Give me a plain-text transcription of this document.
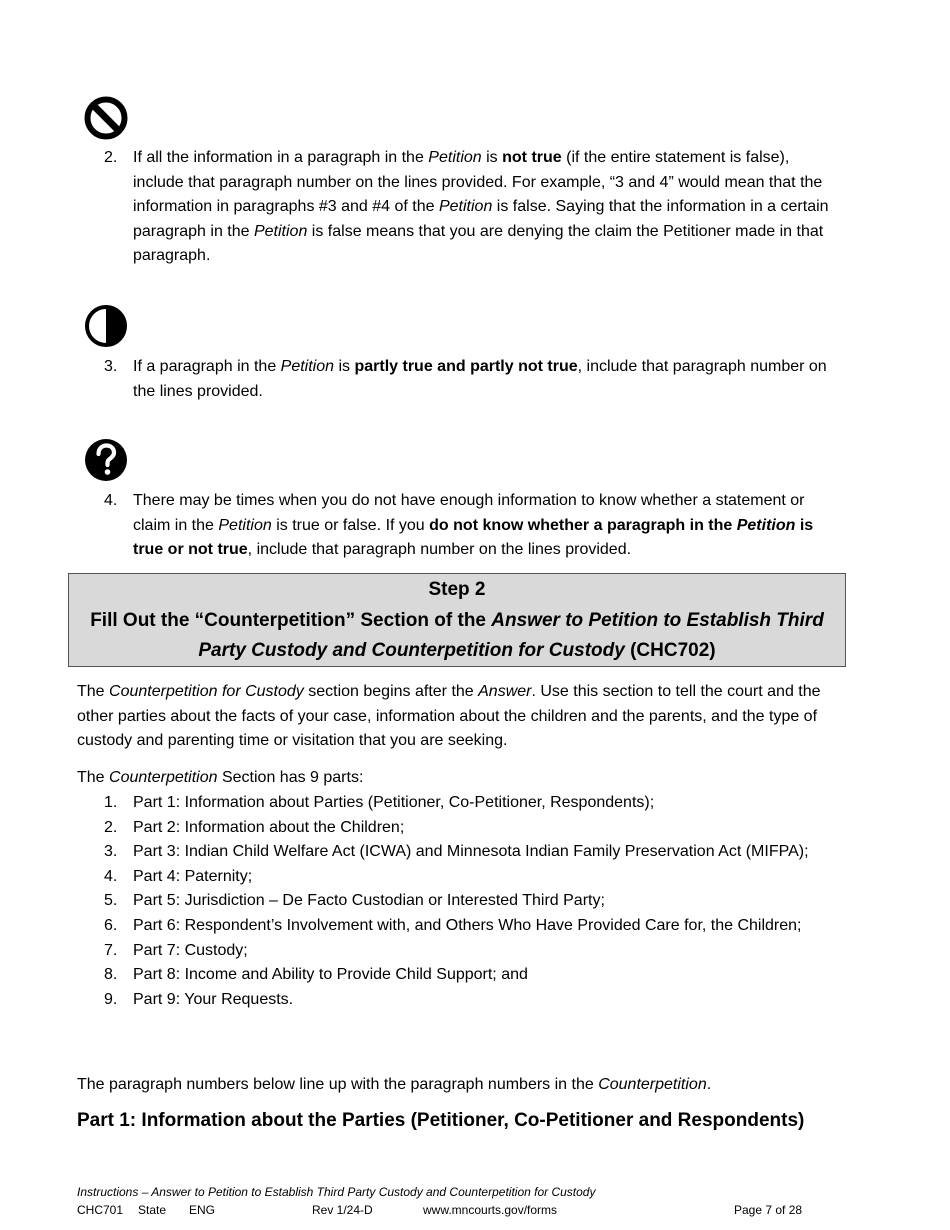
2. If all the information in a paragraph in the Petition is not true (if the entire statement is false), include that paragraph number on the lines provided. For example, “3 and 4” would mean that the information in paragraphs #3 and #4 of the Petition is false. Saying that the information in a certain paragraph in the Petition is false means that you are denying the claim the Petitioner made in that paragraph.
3. If a paragraph in the Petition is partly true and partly not true, include that paragraph number on the lines provided.
4. There may be times when you do not have enough information to know whether a statement or claim in the Petition is true or false. If you do not know whether a paragraph in the Petition is true or not true, include that paragraph number on the lines provided.
Step 2
Fill Out the “Counterpetition” Section of the Answer to Petition to Establish Third Party Custody and Counterpetition for Custody (CHC702)
The Counterpetition for Custody section begins after the Answer. Use this section to tell the court and the other parties about the facts of your case, information about the children and the parents, and the type of custody and parenting time or visitation that you are seeking.
The Counterpetition Section has 9 parts:
1. Part 1: Information about Parties (Petitioner, Co-Petitioner, Respondents);
2. Part 2: Information about the Children;
3. Part 3: Indian Child Welfare Act (ICWA) and Minnesota Indian Family Preservation Act (MIFPA);
4. Part 4: Paternity;
5. Part 5: Jurisdiction – De Facto Custodian or Interested Third Party;
6. Part 6: Respondent’s Involvement with, and Others Who Have Provided Care for, the Children;
7. Part 7: Custody;
8. Part 8: Income and Ability to Provide Child Support; and
9. Part 9: Your Requests.
The paragraph numbers below line up with the paragraph numbers in the Counterpetition.
Part 1: Information about the Parties (Petitioner, Co-Petitioner and Respondents)
Instructions – Answer to Petition to Establish Third Party Custody and Counterpetition for Custody
CHC701 State ENG	Rev 1/24-D	www.mncourts.gov/forms	Page 7 of 28
